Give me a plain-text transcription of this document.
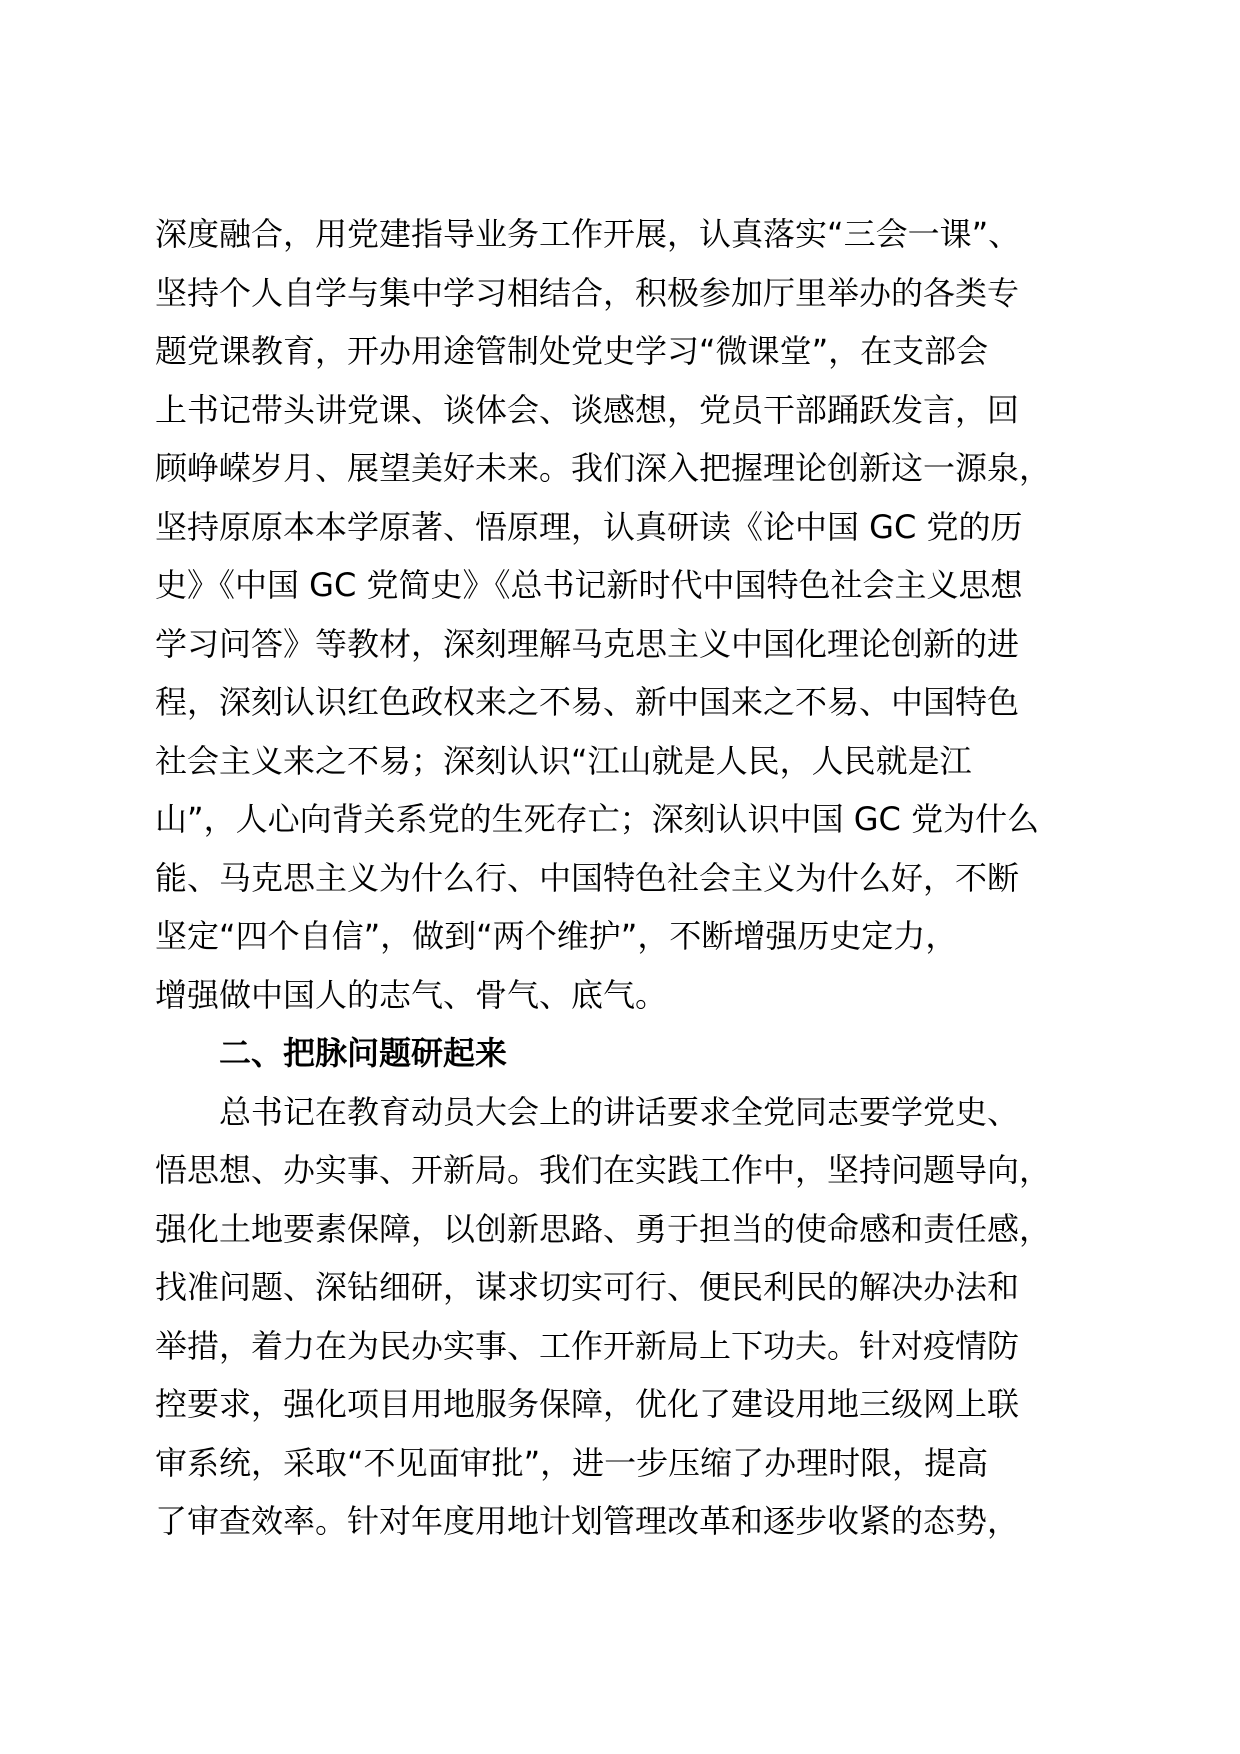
深度融合，用党建指导业务工作开展，认真落实“三会一课”、
坚持个人自学与集中学习相结合，积极参加厅里举办的各类专
题党课教育，开办用途管制处党史学习“微课堂”，在支部会
上书记带头讲党课、谈体会、谈感想，党员干部踊跃发言，回
顾峥嵘岁月、展望美好未来。我们深入把握理论创新这一源泉，
坚持原原本本学原著、悟原理，认真研读《论中国 GC 党的历
史》《中国 GC 党简史》《总书记新时代中国特色社会主义思想
学习问答》等教材，深刻理解马克思主义中国化理论创新的进
程，深刻认识红色政权来之不易、新中国来之不易、中国特色
社会主义来之不易；深刻认识“江山就是人民，人民就是江
山”，人心向背关系党的生死存亡；深刻认识中国 GC 党为什么
能、马克思主义为什么行、中国特色社会主义为什么好，不断
坚定“四个自信”，做到“两个维护”，不断增强历史定力，
增强做中国人的志气、骨气、底气。
二、把脉问题研起来
总书记在教育动员大会上的讲话要求全党同志要学党史、
悟思想、办实事、开新局。我们在实践工作中，坚持问题导向，
强化土地要素保障，以创新思路、勇于担当的使命感和责任感，
找准问题、深钻细研，谋求切实可行、便民利民的解决办法和
举措，着力在为民办实事、工作开新局上下功夫。针对疫情防
控要求，强化项目用地服务保障，优化了建设用地三级网上联
审系统，采取“不见面审批”，进一步压缩了办理时限，提高
了审查效率。针对年度用地计划管理改革和逐步收紧的态势，
